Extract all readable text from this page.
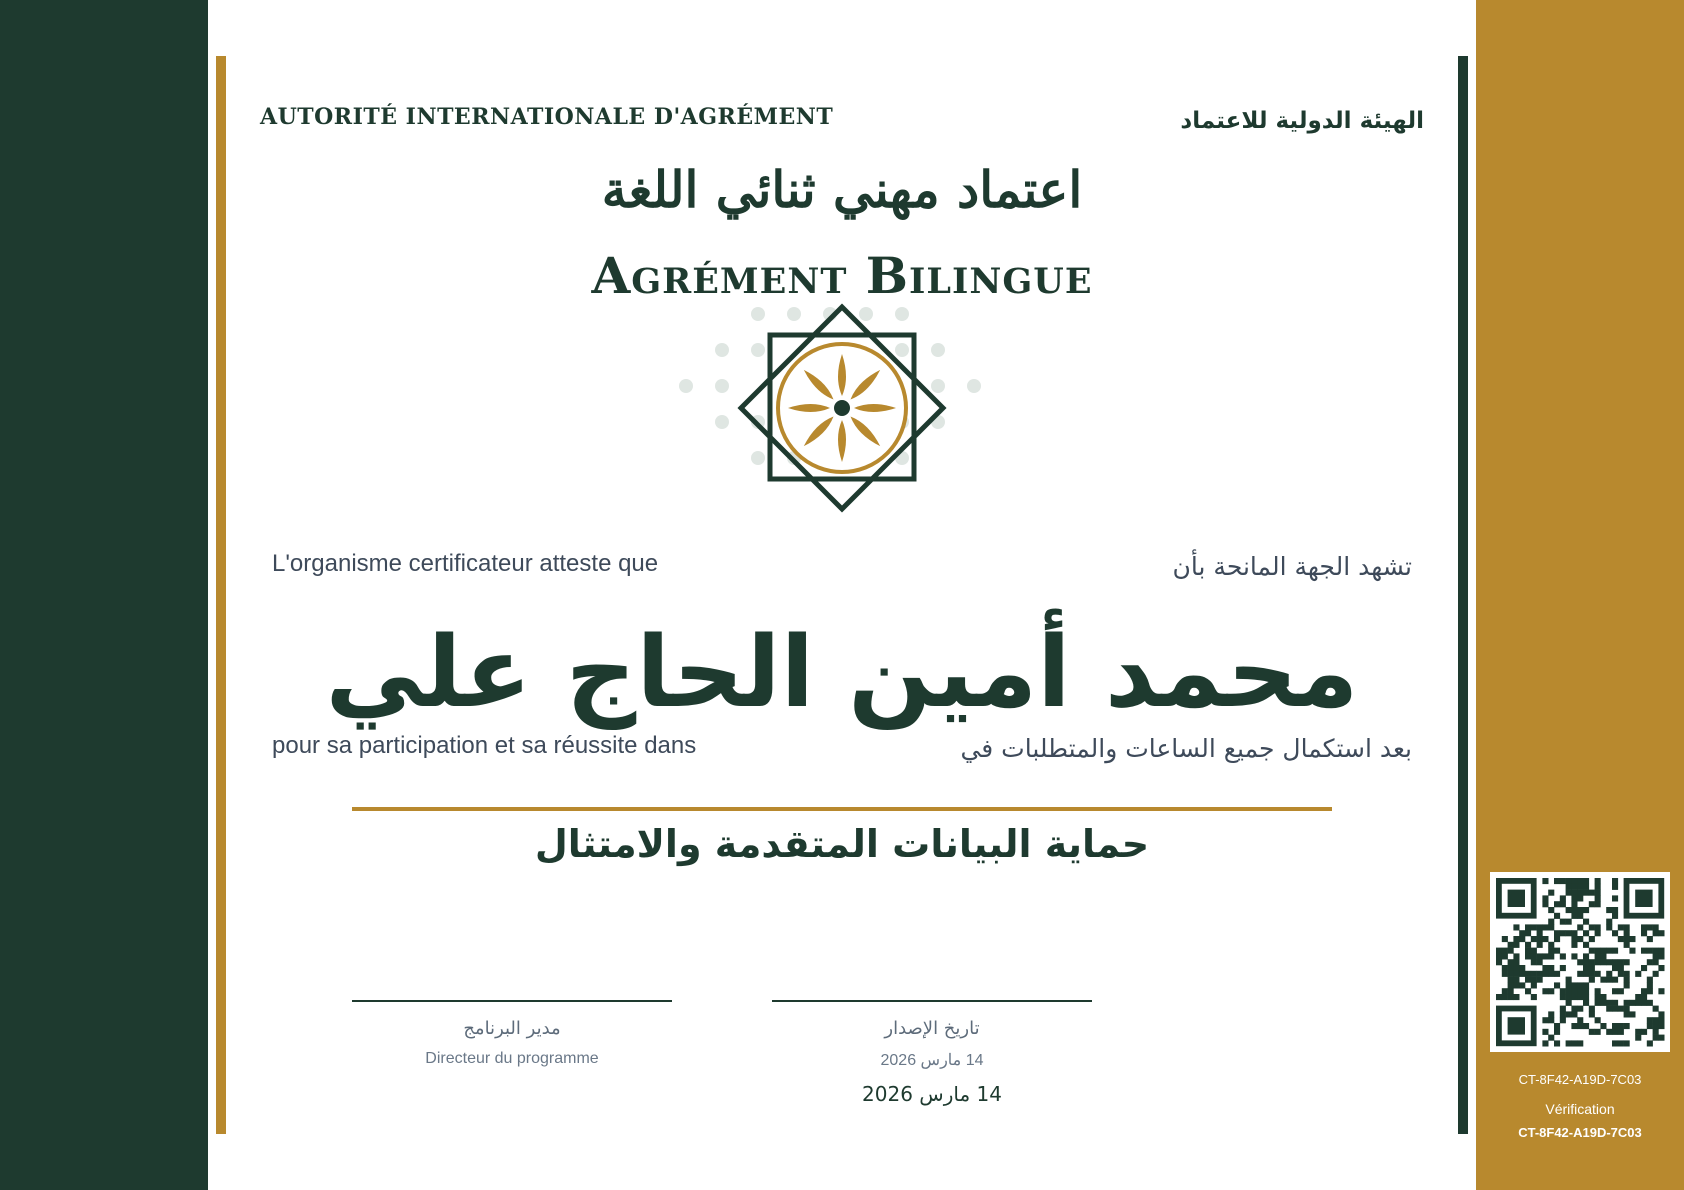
AUTORITÉ INTERNATIONALE D'AGRÉMENT	الهيئة الدولية للاعتماد
اعتماد مهني ثنائي اللغة
Agrément Bilingue
L'organisme certificateur atteste que	تشهد الجهة المانحة بأن
pour sa participation et sa réussite dans	بعد استكمال جميع الساعات والمتطلبات في
محمد أمين الحاج علي
حماية البيانات المتقدمة والامتثال
مدير البرنامج
Directeur du programme
تاريخ الإصدار
14 مارس 2026
14 مارس 2026
CT-8F42-A19D-7C03
Vérification
CT-8F42-A19D-7C03
